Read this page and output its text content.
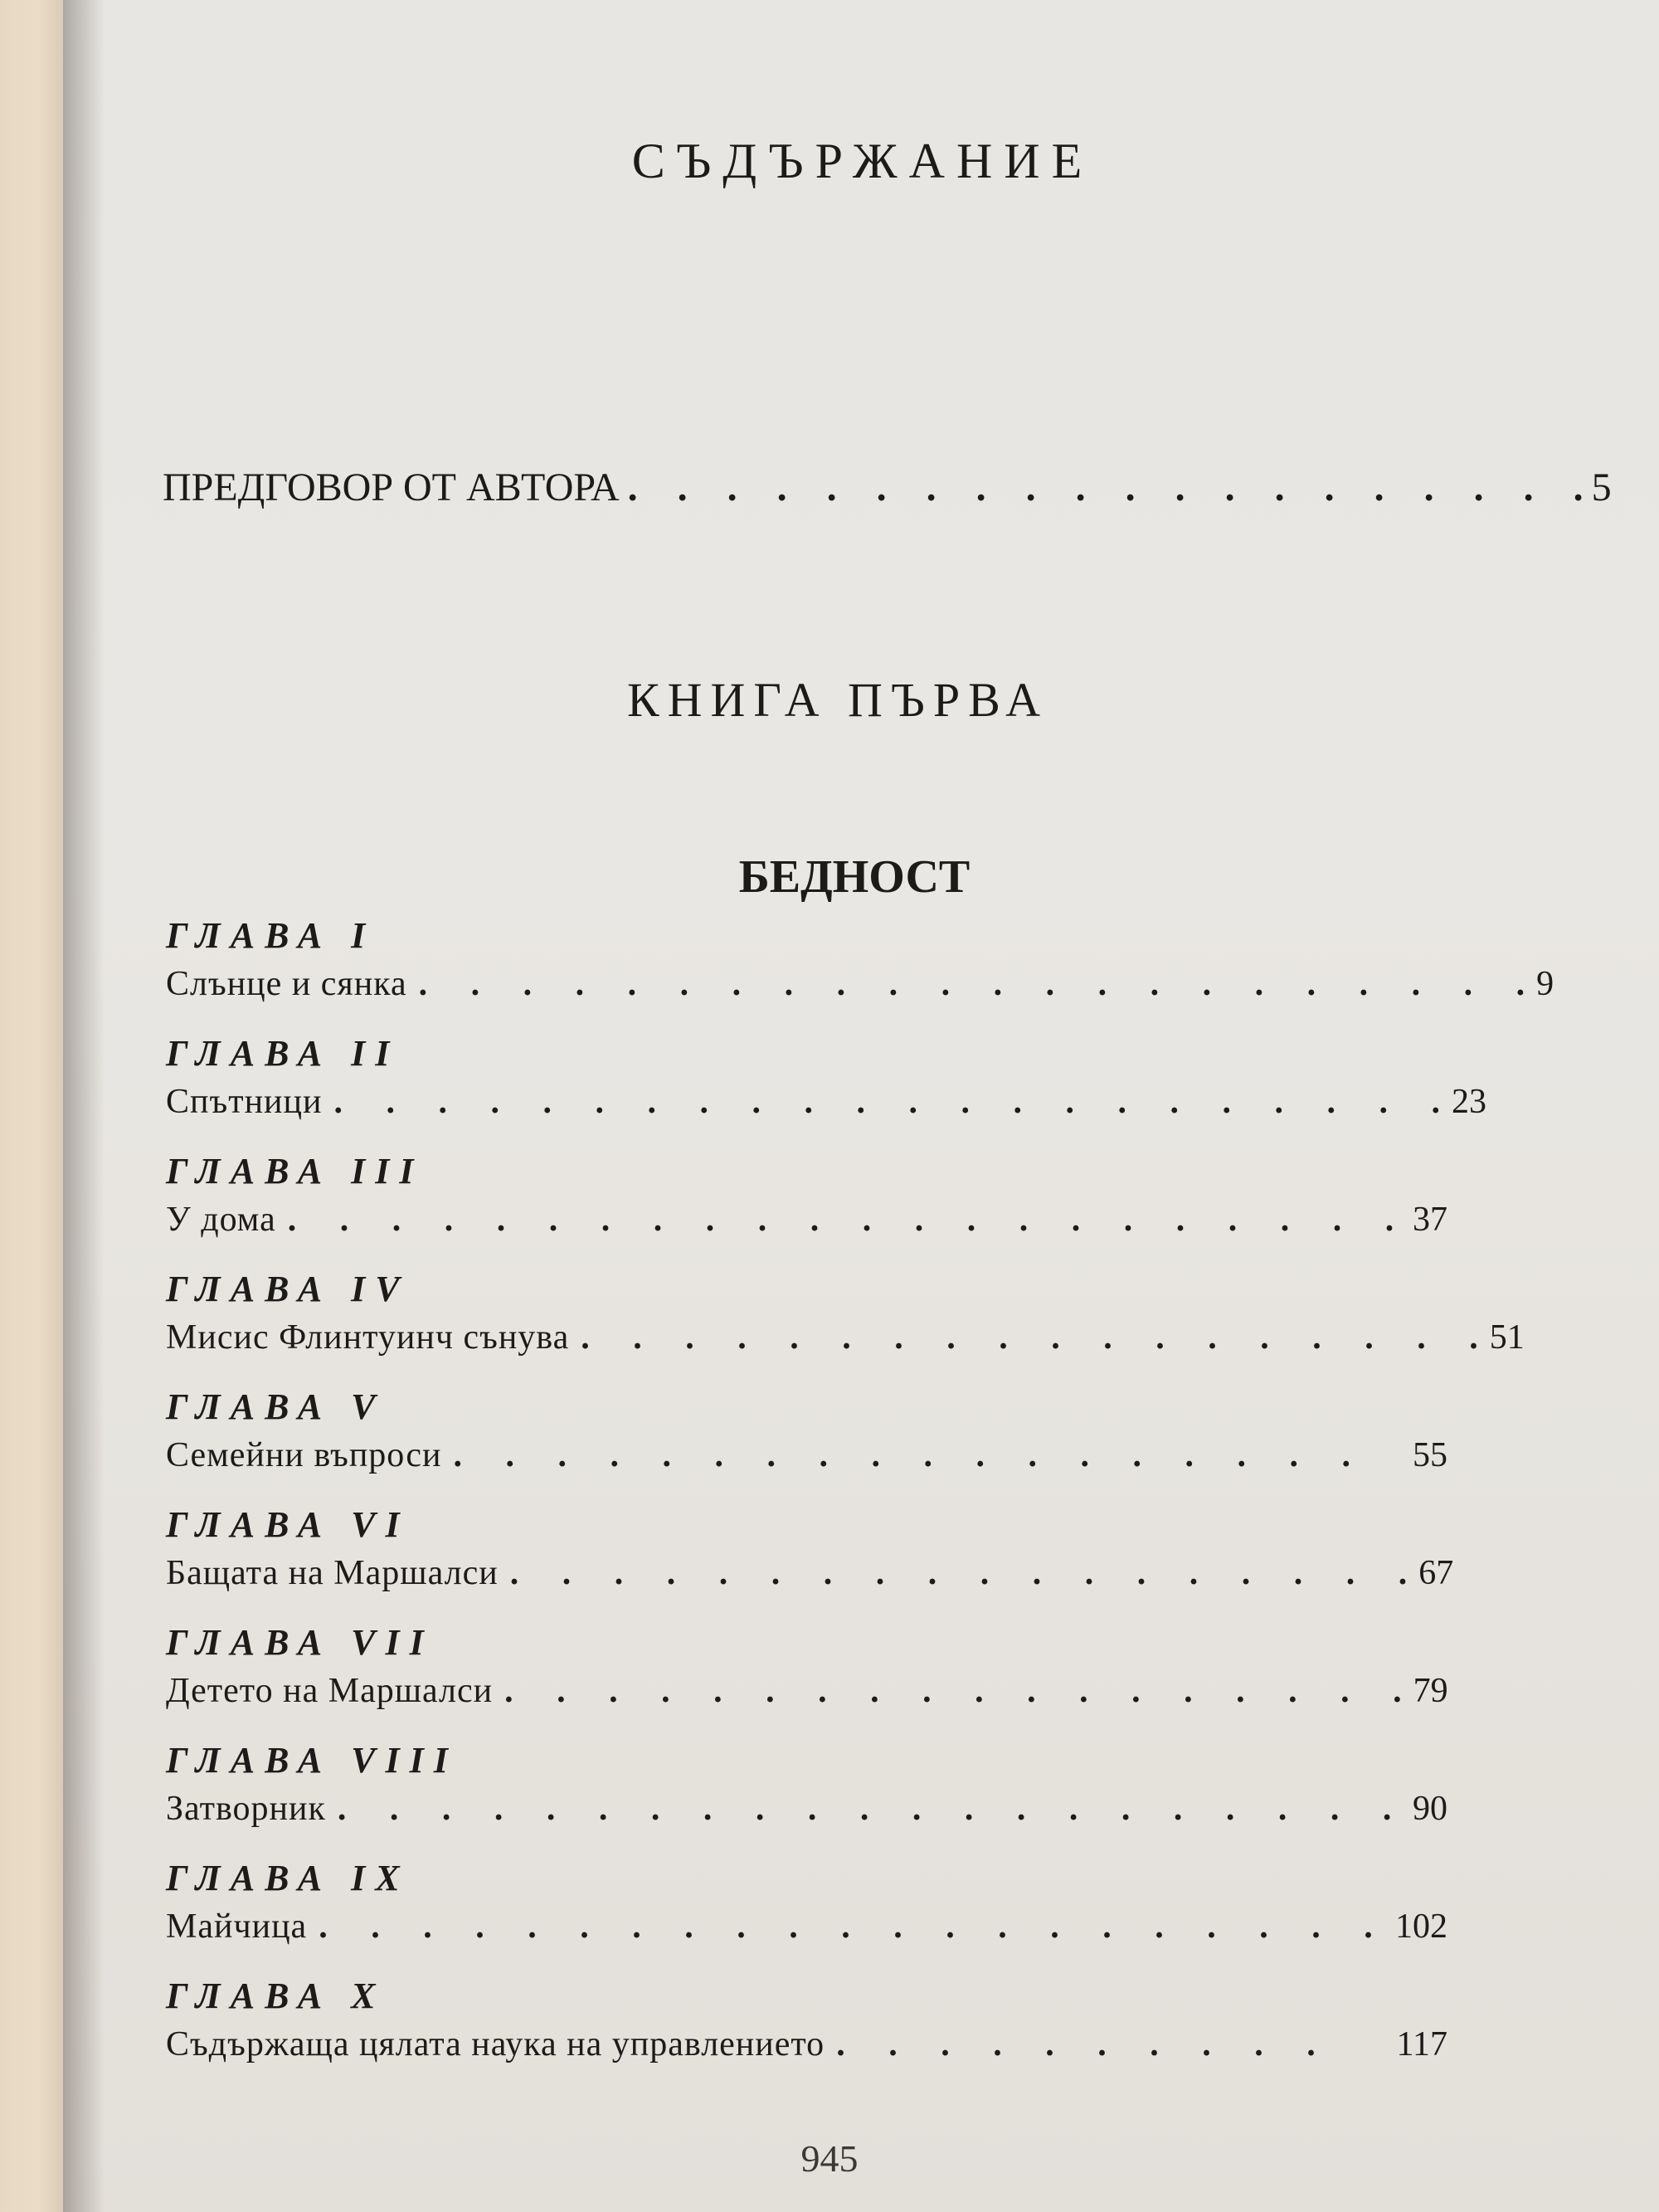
СЪДЪРЖАНИЕ
ПРЕДГОВОР ОТ АВТОРА .    .    .    .    .    .    .    .    .    .    .    .    .    .    .    .    .    .    .    . 5
КНИГА ПЪРВА
БЕДНОСТ
ГЛАВА I
Слънце и сянка .     .     .     .     .     .     .     .     .     .     .     .     .     .     .     .     .     .     .     .     .     . 9
ГЛАВА II
Спътници .     .     .     .     .     .     .     .     .     .     .     .     .     .     .     .     .     .     .     .     .     . 23
ГЛАВА III
У дома .     .     .     .     .     .     .     .     .     .     .     .     .     .     .     .     .     .     .     .     .     . 37
ГЛАВА IV
Мисис Флинтуинч сънува .     .     .     .     .     .     .     .     .     .     .     .     .     .     .     .     .     . 51
ГЛАВА V
Семейни въпроси .     .     .     .     .     .     .     .     .     .     .     .     .     .     .     .     .     .	55
ГЛАВА VI
Бащата на Маршалси .     .     .     .     .     .     .     .     .     .     .     .     .     .     .     .     .     . 67
ГЛАВА VII
Детето на Маршалси .     .     .     .     .     .     .     .     .     .     .     .     .     .     .     .     .     . 79
ГЛАВА VIII
Затворник .     .     .     .     .     .     .     .     .     .     .     .     .     .     .     .     .     .     .     .     . 90
ГЛАВА IX
Майчица .     .     .     .     .     .     .     .     .     .     .     .     .     .     .     .     .     .     .     .     . 102
ГЛАВА X
Съдържаща цялата наука на управлението .     .     .     .     .     .     .     .     .     .	117
945
